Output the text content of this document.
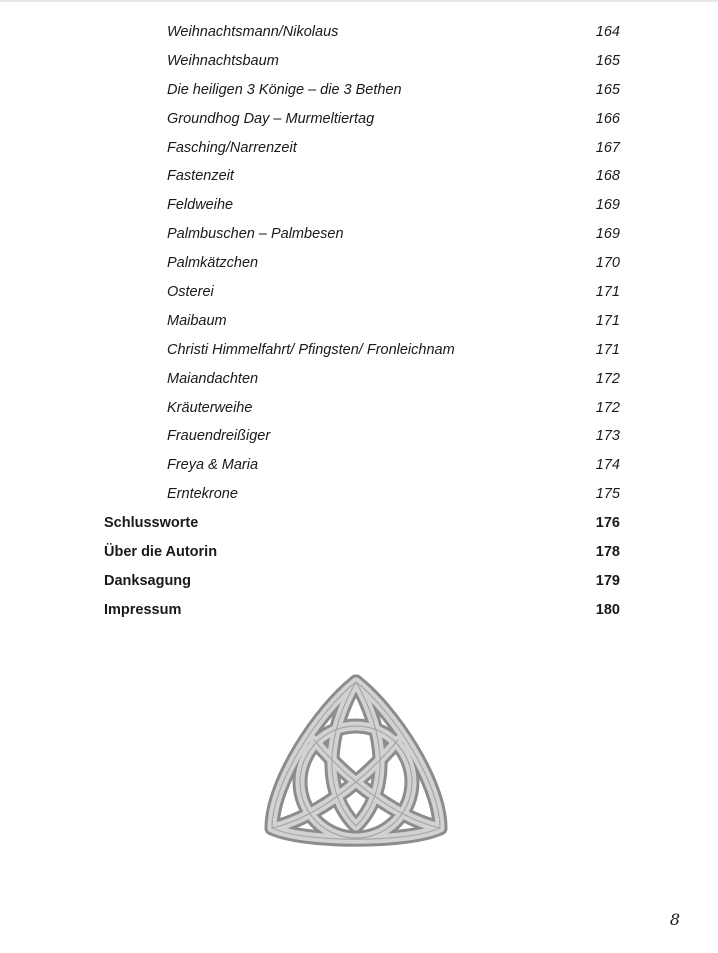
Weihnachtsmann/Nikolaus	164
Weihnachtsbaum	165
Die heiligen 3 Könige – die 3 Bethen	165
Groundhog Day – Murmeltiertag	166
Fasching/Narrenzeit	167
Fastenzeit	168
Feldweihe	169
Palmbuschen – Palmbesen	169
Palmkätzchen	170
Osterei	171
Maibaum	171
Christi Himmelfahrt/ Pfingsten/ Fronleichnam	171
Maiandachten	172
Kräuterweihe	172
Frauendreißiger	173
Freya & Maria	174
Erntekrone	175
Schlussworte	176
Über die Autorin	178
Danksagung	179
Impressum	180
8
